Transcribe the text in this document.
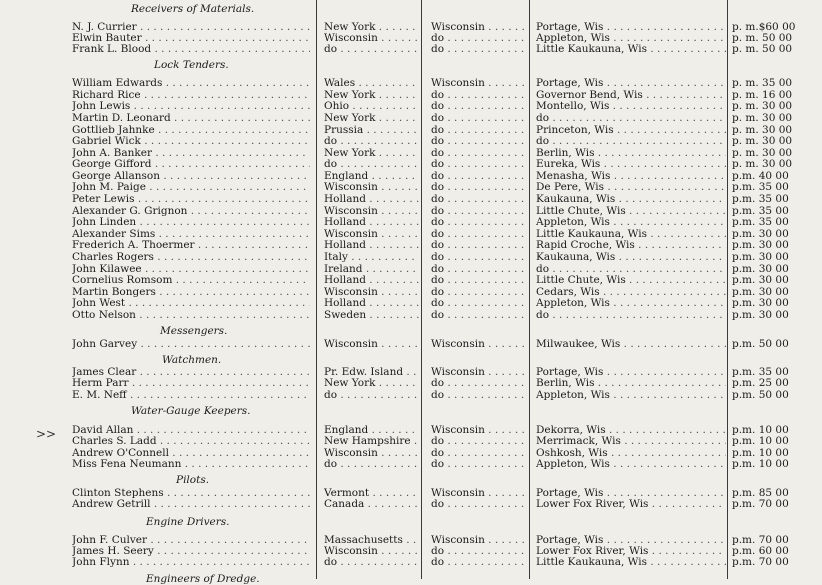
>>
Receivers of Materials.
N. J. Currier . . .	New York . . .	Wisconsin . . .	Portage, Wis . . .	p. m.$60 00
Elwin Bauter . . .	Wisconsin . . .	do . . .	Appleton, Wis . . .	p. m. 50 00
Frank L. Blood . . .	do . . .	do . . .	Little Kaukauna, Wis . . .	p. m. 50 00
Lock Tenders.
William Edwards . . .	Wales . . .	Wisconsin . . .	Portage, Wis . . .	p. m. 35 00
Richard Rice . . .	New York . . .	do . . .	Governor Bend, Wis . . .	p. m. 16 00
John Lewis . . .	Ohio . . .	do . . .	Montello, Wis . . .	p. m. 30 00
Martin D. Leonard . . .	New York . . .	do . . .	do . . .	p. m. 30 00
Gottlieb Jahnke . . .	Prussia . . .	do . . .	Princeton, Wis . . .	p. m. 30 00
Gabriel Wick . . .	do . . .	do . . .	do . . .	p. m. 30 00
John A. Banker . . .	New York . . .	do . . .	Berlin, Wis . . .	p. m. 30 00
George Gifford . . .	do . . .	do . . .	Eureka, Wis . . .	p. m. 30 00
George Allanson . . .	England . . .	do . . .	Menasha, Wis . . .	p.m. 40 00
John M. Paige . . .	Wisconsin . . .	do . . .	De Pere, Wis . . .	p.m. 35 00
Peter Lewis . . .	Holland . . .	do . . .	Kaukauna, Wis . . .	p.m. 35 00
Alexander G. Grignon . . .	Wisconsin . . .	do . . .	Little Chute, Wis . . .	p.m. 35 00
John Linden . . .	Holland . . .	do . . .	Appleton, Wis . . .	p.m. 35 00
Alexander Sims . . .	Wisconsin . . .	do . . .	Little Kaukauna, Wis . . .	p.m. 30 00
Frederich A. Thoermer . . .	Holland . . .	do . . .	Rapid Croche, Wis . . .	p.m. 30 00
Charles Rogers . . .	Italy . . .	do . . .	Kaukauna, Wis . . .	p.m. 30 00
John Kilawee . . .	Ireland . . .	do . . .	do . . .	p.m. 30 00
Cornelius Romsom . . .	Holland . . .	do . . .	Little Chute, Wis . . .	p.m. 30 00
Martin Bongers . . .	Wisconsin . . .	do . . .	Cedars, Wis . . .	p.m. 30 00
John West . . .	Holland . . .	do . . .	Appleton, Wis . . .	p.m. 30 00
Otto Nelson . . .	Sweden . . .	do . . .	do . . .	p.m. 30 00
Messengers.
John Garvey . . .	Wisconsin . . .	Wisconsin . . .	Milwaukee, Wis . . .	p.m. 50 00
Watchmen.
James Clear . . .	Pr. Edw. Island . . .	Wisconsin . . .	Portage, Wis . . .	p.m. 35 00
Herm Parr . . .	New York . . .	do . . .	Berlin, Wis . . .	p.m. 25 00
E. M. Neff . . .	do . . .	do . . .	Appleton, Wis . . .	p.m. 50 00
Water-Gauge Keepers.
David Allan . . .	England . . .	Wisconsin . . .	Dekorra, Wis . . .	p.m. 10 00
Charles S. Ladd . . .	New Hampshire . . .	do . . .	Merrimack, Wis . . .	p.m. 10 00
Andrew O'Connell . . .	Wisconsin . . .	do . . .	Oshkosh, Wis . . .	p.m. 10 00
Miss Fena Neumann . . .	do . . .	do . . .	Appleton, Wis . . .	p.m. 10 00
Pilots.
Clinton Stephens . . .	Vermont . . .	Wisconsin . . .	Portage, Wis . . .	p.m. 85 00
Andrew Getrill . . .	Canada . . .	do . . .	Lower Fox River, Wis . . .	p.m. 70 00
Engine Drivers.
John F. Culver . . .	Massachusetts . . .	Wisconsin . . .	Portage, Wis . . .	p.m. 70 00
James H. Seery . . .	Wisconsin . . .	do . . .	Lower Fox River, Wis . . .	p.m. 60 00
John Flynn . . .	do . . .	do . . .	Little Kaukauna, Wis . . .	p.m. 70 00
Engineers of Dredge.
